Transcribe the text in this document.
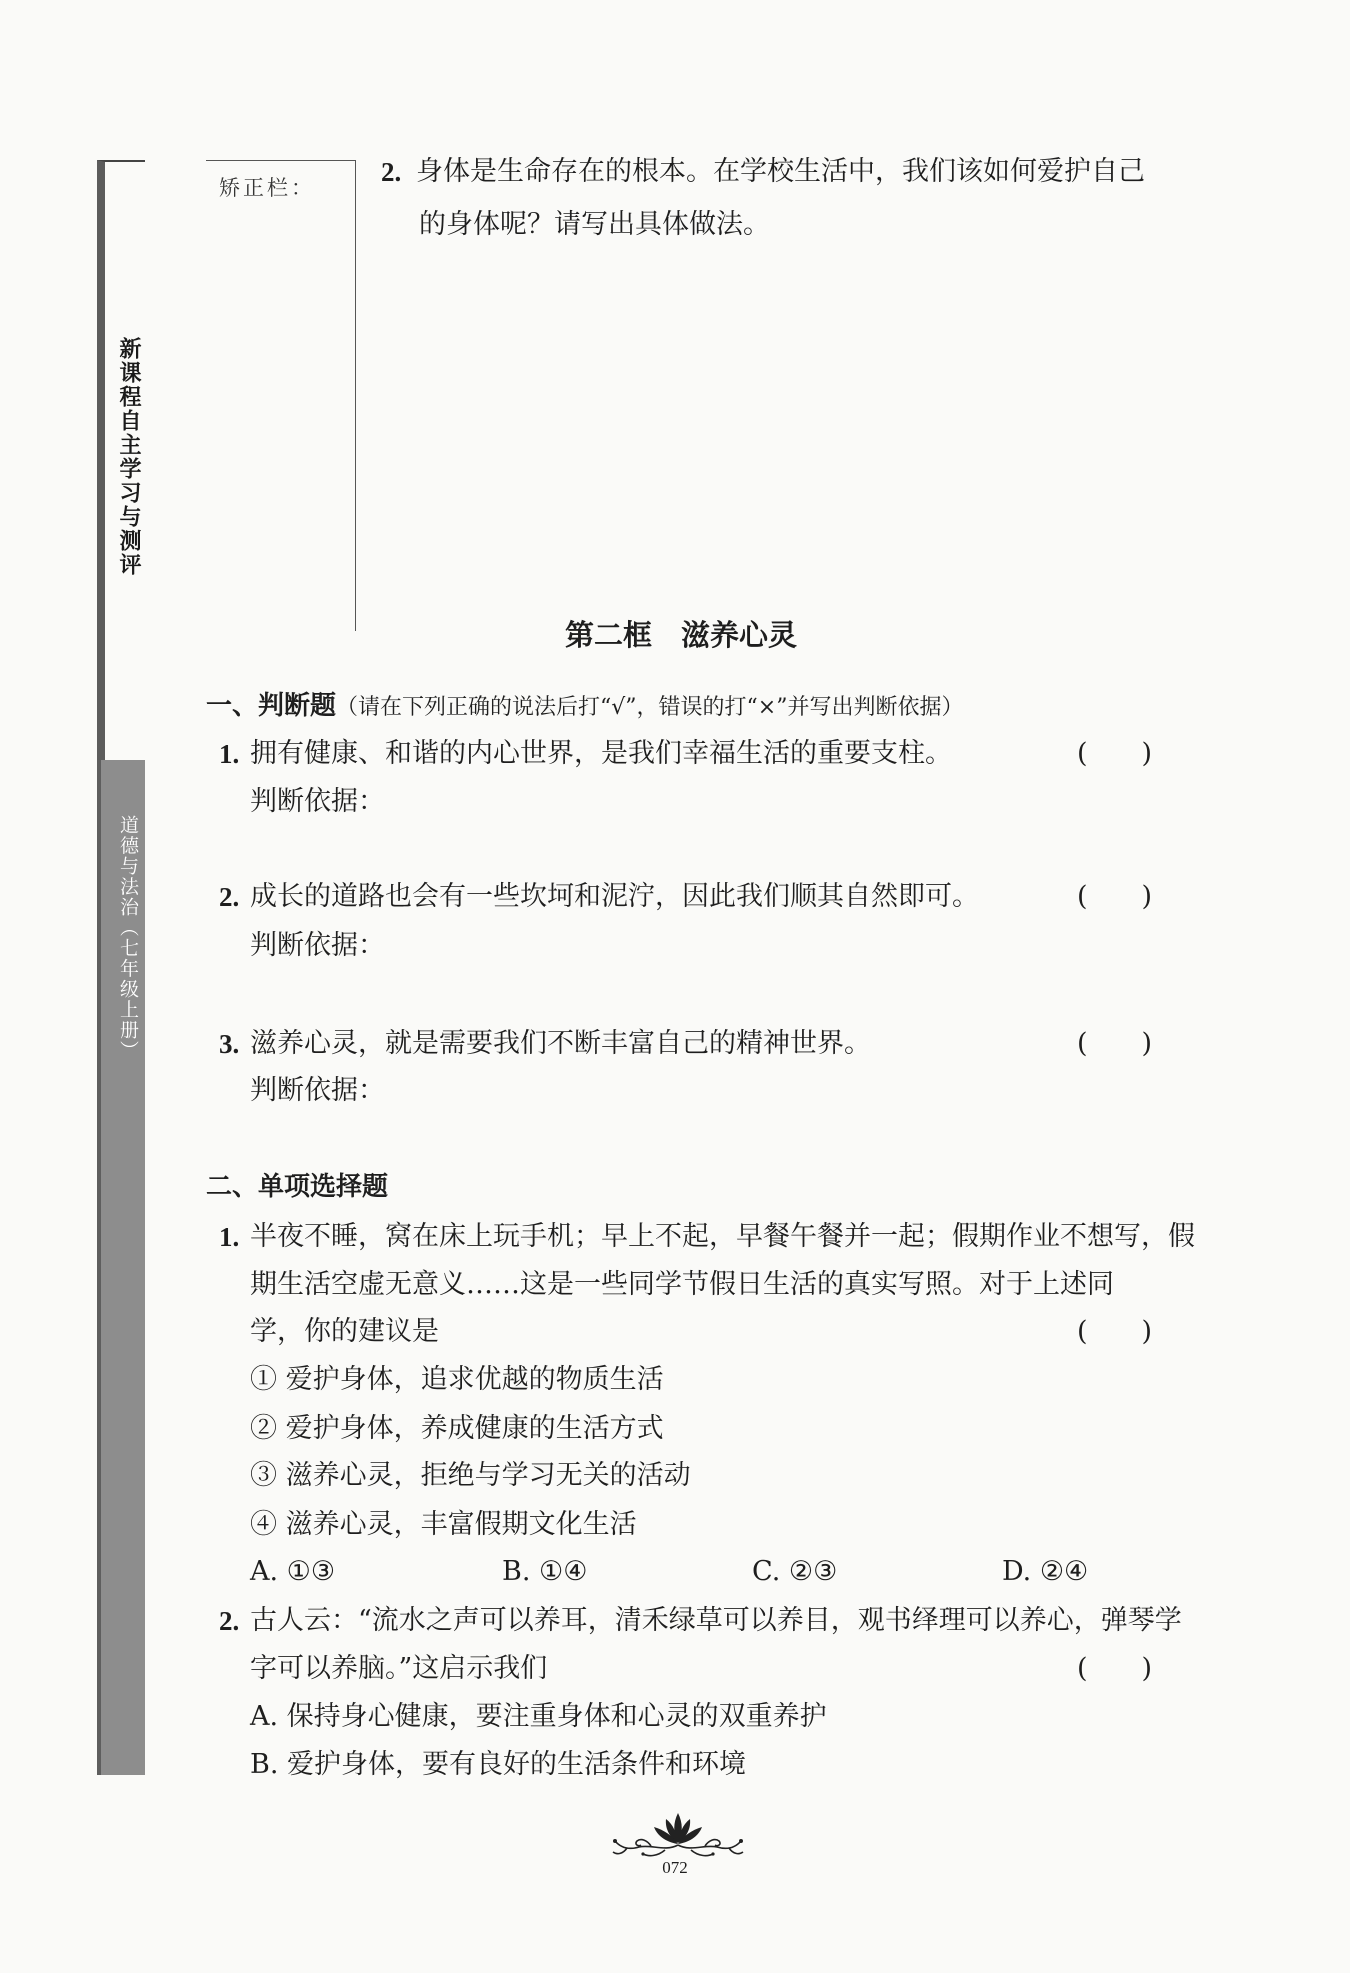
新课程自主学习与测评
道德与法治（七年级上册）
矫正栏：
2. 身体是生命存在的根本。在学校生活中，我们该如何爱护自己
的身体呢？请写出具体做法。
第二框　滋养心灵
一、判断题（请在下列正确的说法后打“√”，错误的打“×”并写出判断依据）
1. 拥有健康、和谐的内心世界，是我们幸福生活的重要支柱。	(　　)
判断依据：
2. 成长的道路也会有一些坎坷和泥泞，因此我们顺其自然即可。	(　　)
判断依据：
3. 滋养心灵，就是需要我们不断丰富自己的精神世界。	(　　)
判断依据：
二、单项选择题
1. 半夜不睡，窝在床上玩手机；早上不起，早餐午餐并一起；假期作业不想写，假
期生活空虚无意义……这是一些同学节假日生活的真实写照。对于上述同
学，你的建议是	(　　)
① 爱护身体，追求优越的物质生活
② 爱护身体，养成健康的生活方式
③ 滋养心灵，拒绝与学习无关的活动
④ 滋养心灵，丰富假期文化生活
A. ①③	B. ①④	C. ②③	D. ②④
2. 古人云：“流水之声可以养耳，清禾绿草可以养目，观书绎理可以养心，弹琴学
字可以养脑。”这启示我们	(　　)
A. 保持身心健康，要注重身体和心灵的双重养护
B. 爱护身体，要有良好的生活条件和环境
072
